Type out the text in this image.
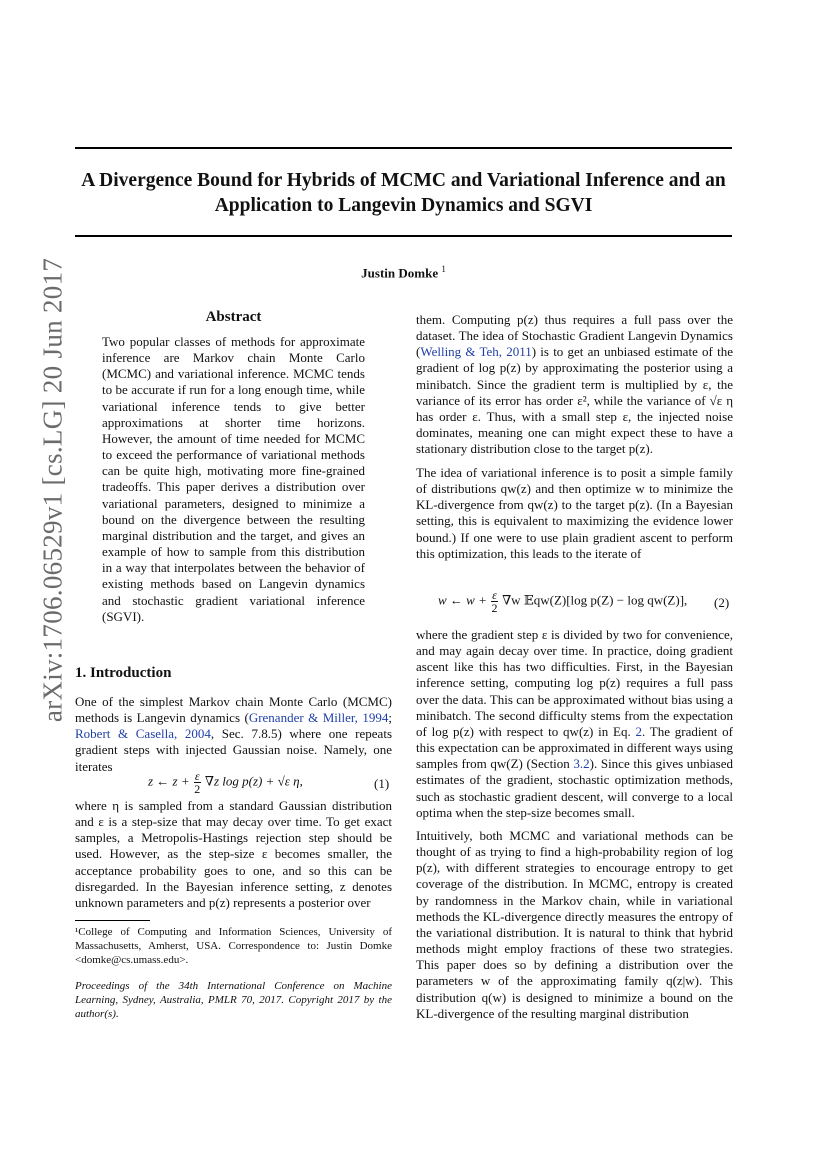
arXiv:1706.06529v1 [cs.LG] 20 Jun 2017
A Divergence Bound for Hybrids of MCMC and Variational Inference and an
Application to Langevin Dynamics and SGVI
Justin Domke $^1$
Abstract
Two popular classes of methods for approximate inference are Markov chain Monte Carlo (MCMC) and variational inference. MCMC tends to be accurate if run for a long enough time, while variational inference tends to give better approximations at shorter time horizons. However, the amount of time needed for MCMC to exceed the performance of variational methods can be quite high, motivating more fine-grained tradeoffs. This paper derives a distribution over variational parameters, designed to minimize a bound on the divergence between the resulting marginal distribution and the target, and gives an example of how to sample from this distribution in a way that interpolates between the behavior of existing methods based on Langevin dynamics and stochastic gradient variational inference (SGVI).
1. Introduction
One of the simplest Markov chain Monte Carlo (MCMC) methods is Langevin dynamics (Grenander & Miller, 1994; Robert & Casella, 2004, Sec. 7.8.5) where one repeats gradient steps with injected Gaussian noise. Namely, one iterates
z ← $z + \frac{\varepsilon}{2} \nabla z$ log p(z) + √ε η,	(1)
where η is sampled from a standard Gaussian distribution and ε is a step-size that may decay over time. To get exact samples, a Metropolis-Hastings rejection step should be used. However, as the step-size ε becomes smaller, the acceptance probability goes to one, and so this can be disregarded. In the Bayesian inference setting, z denotes unknown parameters and p(z) represents a posterior over
¹College of Computing and Information Sciences, University of Massachusetts, Amherst, USA. Correspondence to: Justin Domke <domke@cs.umass.edu>.
Proceedings of the 34th International Conference on Machine Learning, Sydney, Australia, PMLR 70, 2017. Copyright 2017 by the author(s).
them. Computing p(z) thus requires a full pass over the dataset. The idea of Stochastic Gradient Langevin Dynamics (Welling & Teh, 2011) is to get an unbiased estimate of the gradient of log p(z) by approximating the posterior using a minibatch. Since the gradient term is multiplied by ε, the variance of its error has order ε², while the variance of √ε η has order ε. Thus, with a small step ε, the injected noise dominates, meaning one can might expect these to have a stationary distribution close to the target p(z).
The idea of variational inference is to posit a simple family of distributions qw(z) and then optimize w to minimize the KL-divergence from qw(z) to the target p(z). (In a Bayesian setting, this is equivalent to maximizing the evidence lower bound.) If one were to use plain gradient ascent to perform this optimization, this leads to the iterate of
w ← $w + \frac{\varepsilon}{2} \nabla w$ 𝔼qw(Z)[log p(Z) − log qw(Z)], (2)
where the gradient step ε is divided by two for convenience, and may again decay over time. In practice, doing gradient ascent like this has two difficulties. First, in the Bayesian inference setting, computing log p(z) requires a full pass over the data. This can be approximated without bias using a minibatch. The second difficulty stems from the expectation of log p(z) with respect to qw(z) in Eq. 2. The gradient of this expectation can be approximated in different ways using samples from qw(Z) (Section 3.2). Since this gives unbiased estimates of the gradient, stochastic optimization methods, such as stochastic gradient descent, will converge to a local optima when the step-size becomes small.
Intuitively, both MCMC and variational methods can be thought of as trying to find a high-probability region of log p(z), with different strategies to encourage entropy to get coverage of the distribution. In MCMC, entropy is created by randomness in the Markov chain, while in variational methods the KL-divergence directly measures the entropy of the variational distribution. It is natural to think that hybrid methods might employ fractions of these two strategies. This paper does so by defining a distribution over the parameters w of the approximating family q(z|w). This distribution q(w) is designed to minimize a bound on the KL-divergence of the resulting marginal distribution
